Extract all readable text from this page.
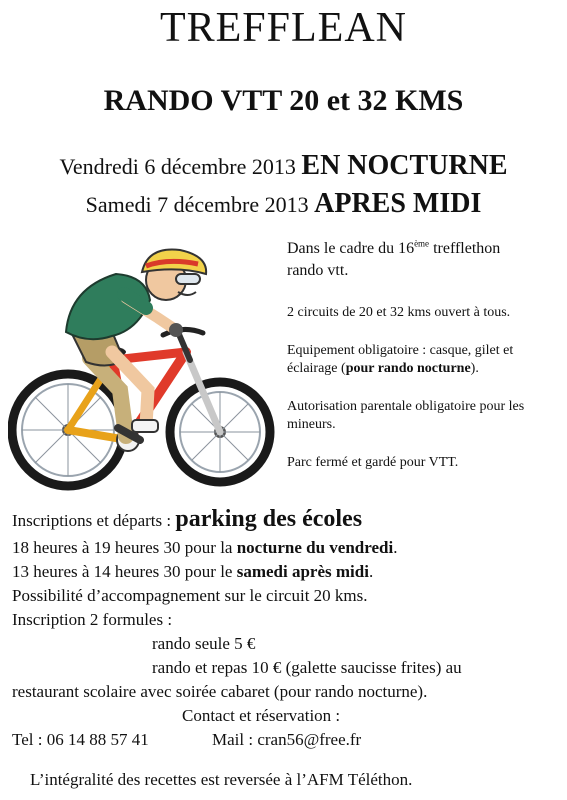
TREFFLEAN
RANDO VTT 20 et 32 KMS
Vendredi 6 décembre 2013 EN NOCTURNE
Samedi 7 décembre 2013 APRES MIDI
Dans le cadre du 16ème trefflethon
rando vtt.
2 circuits de 20 et 32 kms ouvert à tous.
Equipement obligatoire : casque, gilet et éclairage (pour rando nocturne).
Autorisation parentale obligatoire pour les mineurs.
Parc fermé et gardé pour VTT.
Inscriptions et départs : parking des écoles
18 heures à 19 heures 30 pour la nocturne du vendredi.
13 heures à 14 heures 30 pour le samedi après midi.
Possibilité d’accompagnement sur le circuit 20 kms.
Inscription 2 formules :
rando seule 5 €
rando et repas 10 € (galette saucisse frites) au
restaurant scolaire avec soirée cabaret (pour rando nocturne).
Contact et réservation :
Tel : 06 14 88 57 41	Mail : cran56@free.fr
L’intégralité des recettes est reversée à l’AFM Téléthon.
